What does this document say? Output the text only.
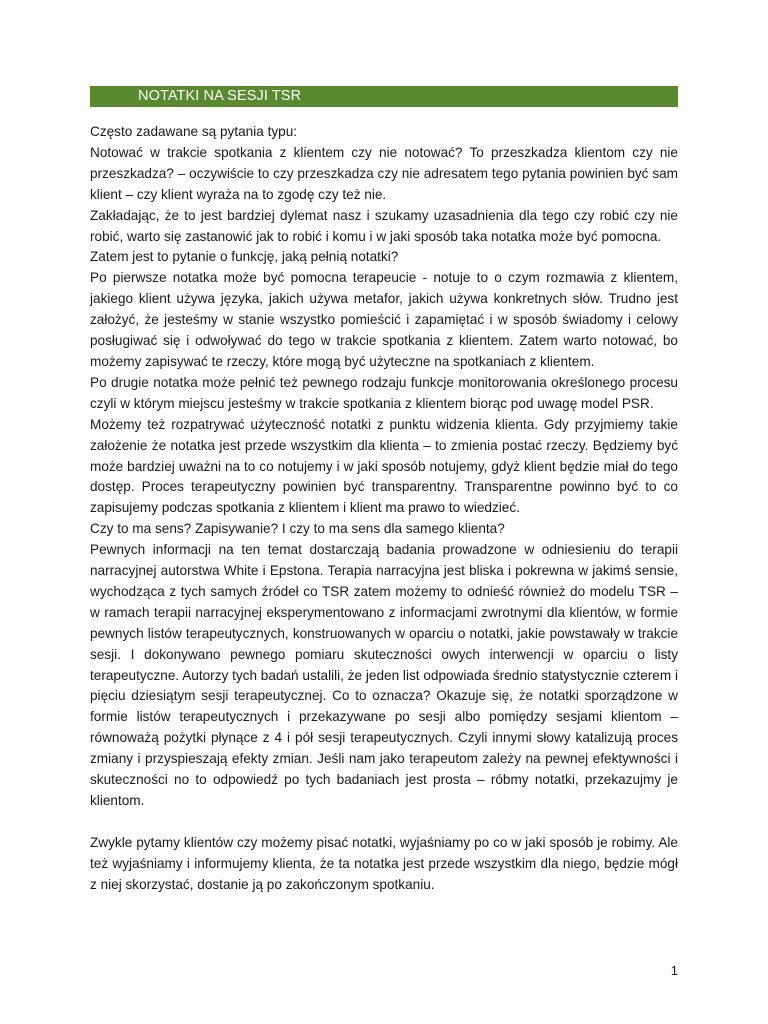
NOTATKI NA SESJI TSR

Często zadawane są pytania typu:

Notować w trakcie spotkania z klientem czy nie notować? To przeszkadza klientom czy nie przeszkadza? – oczywiście to czy przeszkadza czy nie adresatem tego pytania powinien być sam klient – czy klient wyraża na to zgodę czy też nie.

Zakładając, że to jest bardziej dylemat nasz i szukamy uzasadnienia dla tego czy robić czy nie robić, warto się zastanowić jak to robić i komu i w jaki sposób taka notatka może być pomocna.

Zatem jest to pytanie o funkcję, jaką pełnią notatki?

Po pierwsze notatka może być pomocna terapeucie - notuje to o czym rozmawia z klientem, jakiego klient używa języka, jakich używa metafor, jakich używa konkretnych słów. Trudno jest założyć, że jesteśmy w stanie wszystko pomieścić i zapamiętać i w sposób świadomy i celowy posługiwać się i odwoływać do tego w trakcie spotkania z klientem. Zatem warto notować, bo możemy zapisywać te rzeczy, które mogą być użyteczne na spotkaniach z klientem.

Po drugie notatka może pełnić też pewnego rodzaju funkcje monitorowania określonego procesu czyli w którym miejscu jesteśmy w trakcie spotkania z klientem biorąc pod uwagę model PSR.

Możemy też rozpatrywać użyteczność notatki z punktu widzenia klienta. Gdy przyjmiemy takie założenie że notatka jest przede wszystkim dla klienta – to zmienia postać rzeczy. Będziemy być może bardziej uważni na to co notujemy i w jaki sposób notujemy, gdyż klient będzie miał do tego dostęp. Proces terapeutyczny powinien być transparentny. Transparentne powinno być to co zapisujemy podczas spotkania z klientem i klient ma prawo to wiedzieć.

Czy to ma sens? Zapisywanie? I czy to ma sens dla samego klienta?

Pewnych informacji na ten temat dostarczają badania prowadzone w odniesieniu do terapii narracyjnej autorstwa White i Epstona. Terapia narracyjna jest bliska i pokrewna w jakimś sensie, wychodząca z tych samych źródeł co TSR zatem możemy to odnieść również do modelu TSR – w ramach terapii narracyjnej eksperymentowano z informacjami zwrotnymi dla klientów, w formie pewnych listów terapeutycznych, konstruowanych w oparciu o notatki, jakie powstawały w trakcie sesji. I dokonywano pewnego pomiaru skuteczności owych interwencji w oparciu o listy terapeutyczne. Autorzy tych badań ustalili, że jeden list odpowiada średnio statystycznie czterem i pięciu dziesiątym sesji terapeutycznej. Co to oznacza? Okazuje się, że notatki sporządzone w formie listów terapeutycznych i przekazywane po sesji albo pomiędzy sesjami klientom – równoważą pożytki płynące z 4 i pół sesji terapeutycznych. Czyli innymi słowy katalizują proces zmiany i przyspieszają efekty zmian. Jeśli nam jako terapeutom zależy na pewnej efektywności i skuteczności no to odpowiedź po tych badaniach jest prosta – róbmy notatki, przekazujmy je klientom.

Zwykle pytamy klientów czy możemy pisać notatki, wyjaśniamy po co w jaki sposób je robimy. Ale też wyjaśniamy i informujemy klienta, że ta notatka jest przede wszystkim dla niego, będzie mógł z niej skorzystać, dostanie ją po zakończonym spotkaniu.

1
